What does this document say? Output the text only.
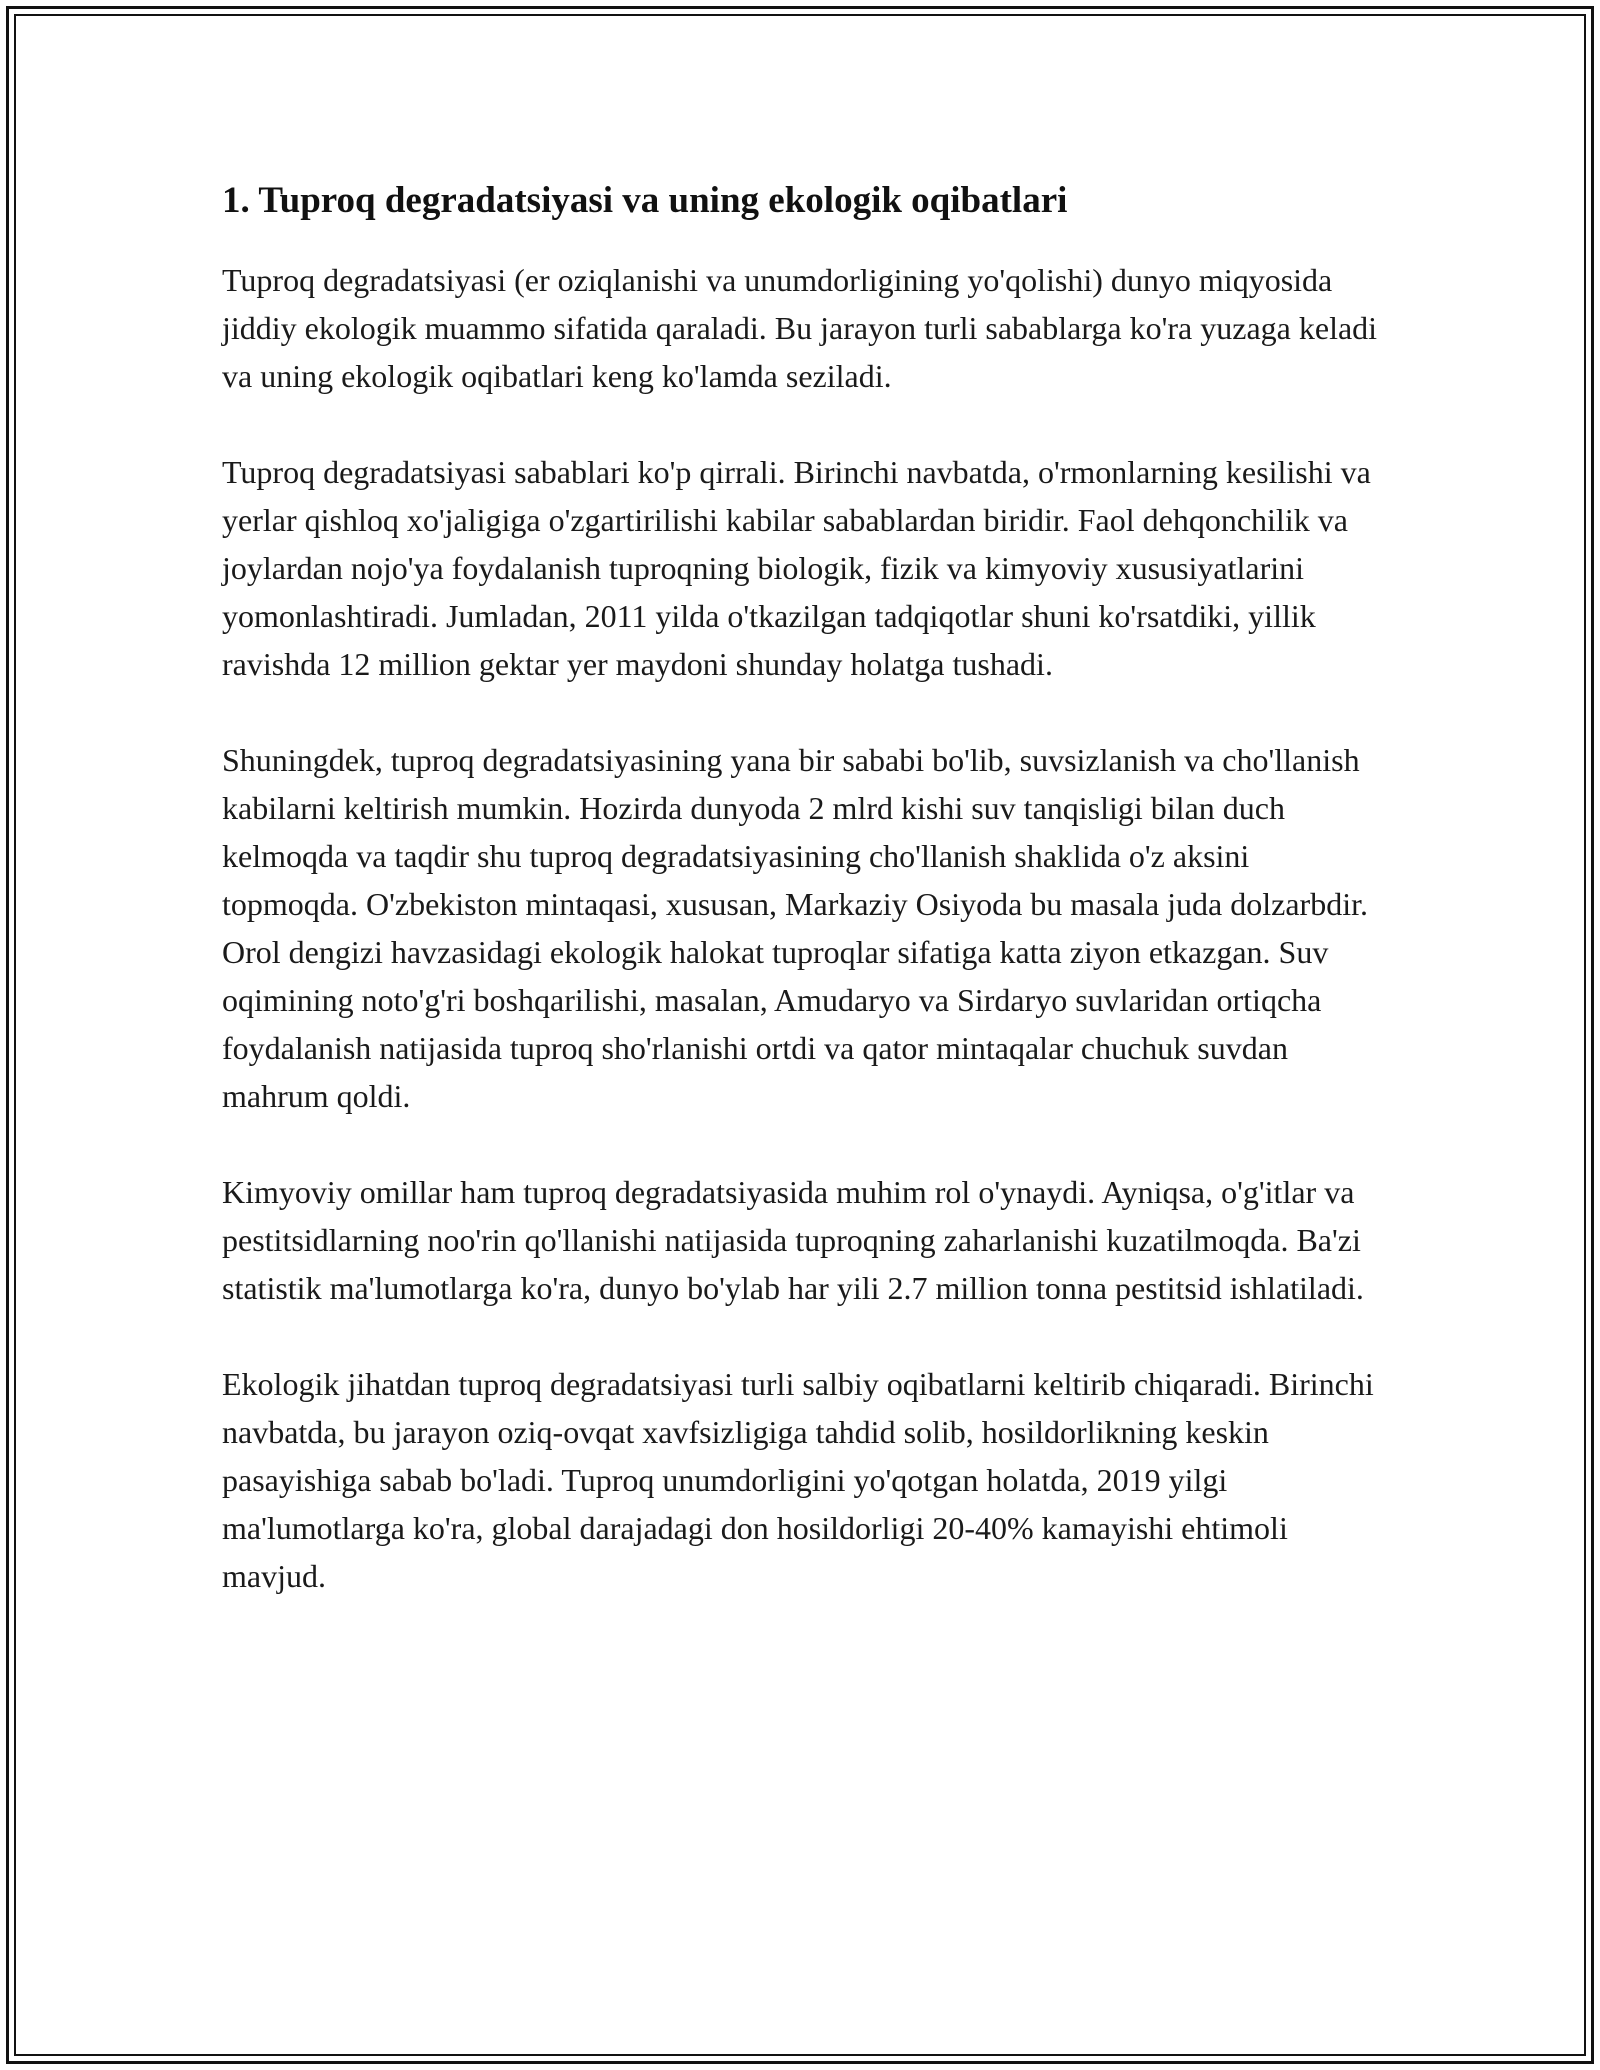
1. Tuproq degradatsiyasi va uning ekologik oqibatlari

Tuproq degradatsiyasi (er oziqlanishi va unumdorligining yo'qolishi) dunyo miqyosida jiddiy ekologik muammo sifatida qaraladi. Bu jarayon turli sabablarga ko'ra yuzaga keladi va uning ekologik oqibatlari keng ko'lamda seziladi.

Tuproq degradatsiyasi sabablari ko'p qirrali. Birinchi navbatda, o'rmonlarning kesilishi va yerlar qishloq xo'jaligiga o'zgartirilishi kabilar sabablardan biridir. Faol dehqonchilik va joylardan nojo'ya foydalanish tuproqning biologik, fizik va kimyoviy xususiyatlarini yomonlashtiradi. Jumladan, 2011 yilda o'tkazilgan tadqiqotlar shuni ko'rsatdiki, yillik ravishda 12 million gektar yer maydoni shunday holatga tushadi.

Shuningdek, tuproq degradatsiyasining yana bir sababi bo'lib, suvsizlanish va cho'llanish kabilarni keltirish mumkin. Hozirda dunyoda 2 mlrd kishi suv tanqisligi bilan duch kelmoqda va taqdir shu tuproq degradatsiyasining cho'llanish shaklida o'z aksini topmoqda. O'zbekiston mintaqasi, xususan, Markaziy Osiyoda bu masala juda dolzarbdir. Orol dengizi havzasidagi ekologik halokat tuproqlar sifatiga katta ziyon etkazgan. Suv oqimining noto'g'ri boshqarilishi, masalan, Amudaryo va Sirdaryo suvlaridan ortiqcha foydalanish natijasida tuproq sho'rlanishi ortdi va qator mintaqalar chuchuk suvdan mahrum qoldi.

Kimyoviy omillar ham tuproq degradatsiyasida muhim rol o'ynaydi. Ayniqsa, o'g'itlar va pestitsidlarning noo'rin qo'llanishi natijasida tuproqning zaharlanishi kuzatilmoqda. Ba'zi statistik ma'lumotlarga ko'ra, dunyo bo'ylab har yili 2.7 million tonna pestitsid ishlatiladi.

Ekologik jihatdan tuproq degradatsiyasi turli salbiy oqibatlarni keltirib chiqaradi. Birinchi navbatda, bu jarayon oziq-ovqat xavfsizligiga tahdid solib, hosildorlikning keskin pasayishiga sabab bo'ladi. Tuproq unumdorligini yo'qotgan holatda, 2019 yilgi ma'lumotlarga ko'ra, global darajadagi don hosildorligi 20-40% kamayishi ehtimoli mavjud.
